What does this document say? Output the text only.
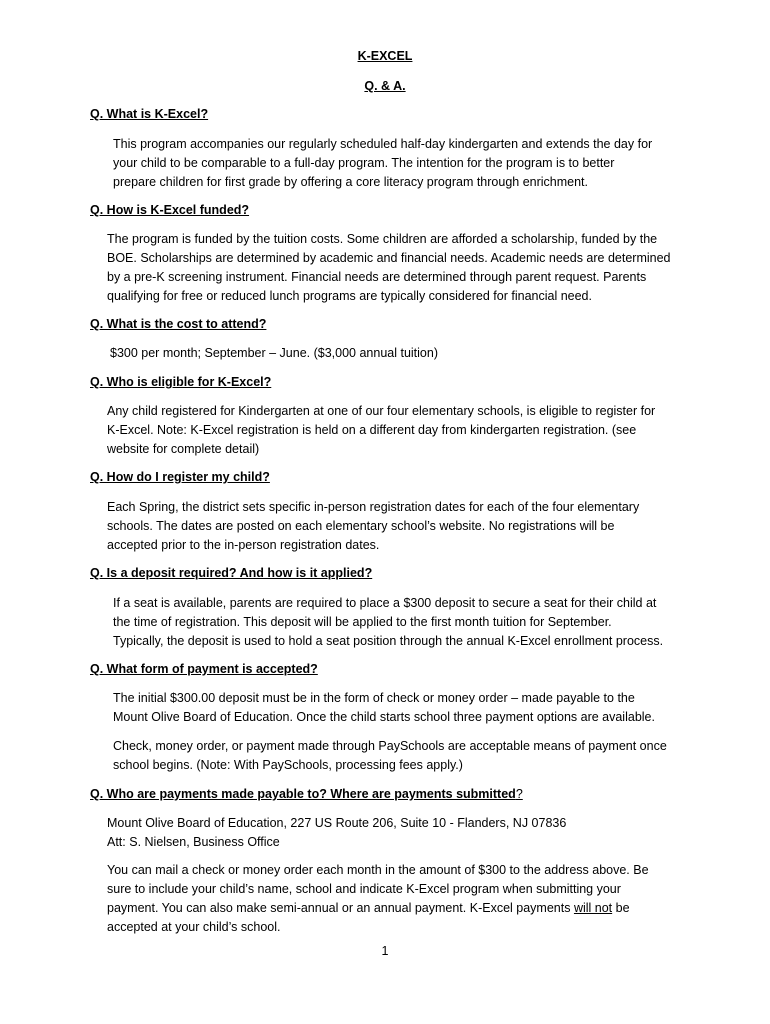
K-EXCEL
Q. & A.
Q. What is K-Excel?
This program accompanies our regularly scheduled half-day kindergarten and extends the day for
your child to be comparable to a full-day program. The intention for the program is to better
prepare children for first grade by offering a core literacy program through enrichment.
Q. How is K-Excel funded?
The program is funded by the tuition costs. Some children are afforded a scholarship, funded by the
BOE. Scholarships are determined by academic and financial needs. Academic needs are determined
by a pre-K screening instrument. Financial needs are determined through parent request. Parents
qualifying for free or reduced lunch programs are typically considered for financial need.
Q. What is the cost to attend?
$300 per month; September – June. ($3,000 annual tuition)
Q. Who is eligible for K-Excel?
Any child registered for Kindergarten at one of our four elementary schools, is eligible to register for
K-Excel. Note: K-Excel registration is held on a different day from kindergarten registration. (see
website for complete detail)
Q. How do I register my child?
Each Spring, the district sets specific in-person registration dates for each of the four elementary
schools. The dates are posted on each elementary school’s website. No registrations will be
accepted prior to the in-person registration dates.
Q. Is a deposit required? And how is it applied?
If a seat is available, parents are required to place a $300 deposit to secure a seat for their child at
the time of registration. This deposit will be applied to the first month tuition for September.
Typically, the deposit is used to hold a seat position through the annual K-Excel enrollment process.
Q. What form of payment is accepted?
The initial $300.00 deposit must be in the form of check or money order – made payable to the
Mount Olive Board of Education. Once the child starts school three payment options are available.
Check, money order, or payment made through PaySchools are acceptable means of payment once
school begins. (Note: With PaySchools, processing fees apply.)
Q. Who are payments made payable to? Where are payments submitted?
Mount Olive Board of Education, 227 US Route 206, Suite 10 - Flanders, NJ 07836
Att: S. Nielsen, Business Office
You can mail a check or money order each month in the amount of $300 to the address above. Be
sure to include your child’s name, school and indicate K-Excel program when submitting your
payment. You can also make semi-annual or an annual payment. K-Excel payments will not be
accepted at your child’s school.
1
